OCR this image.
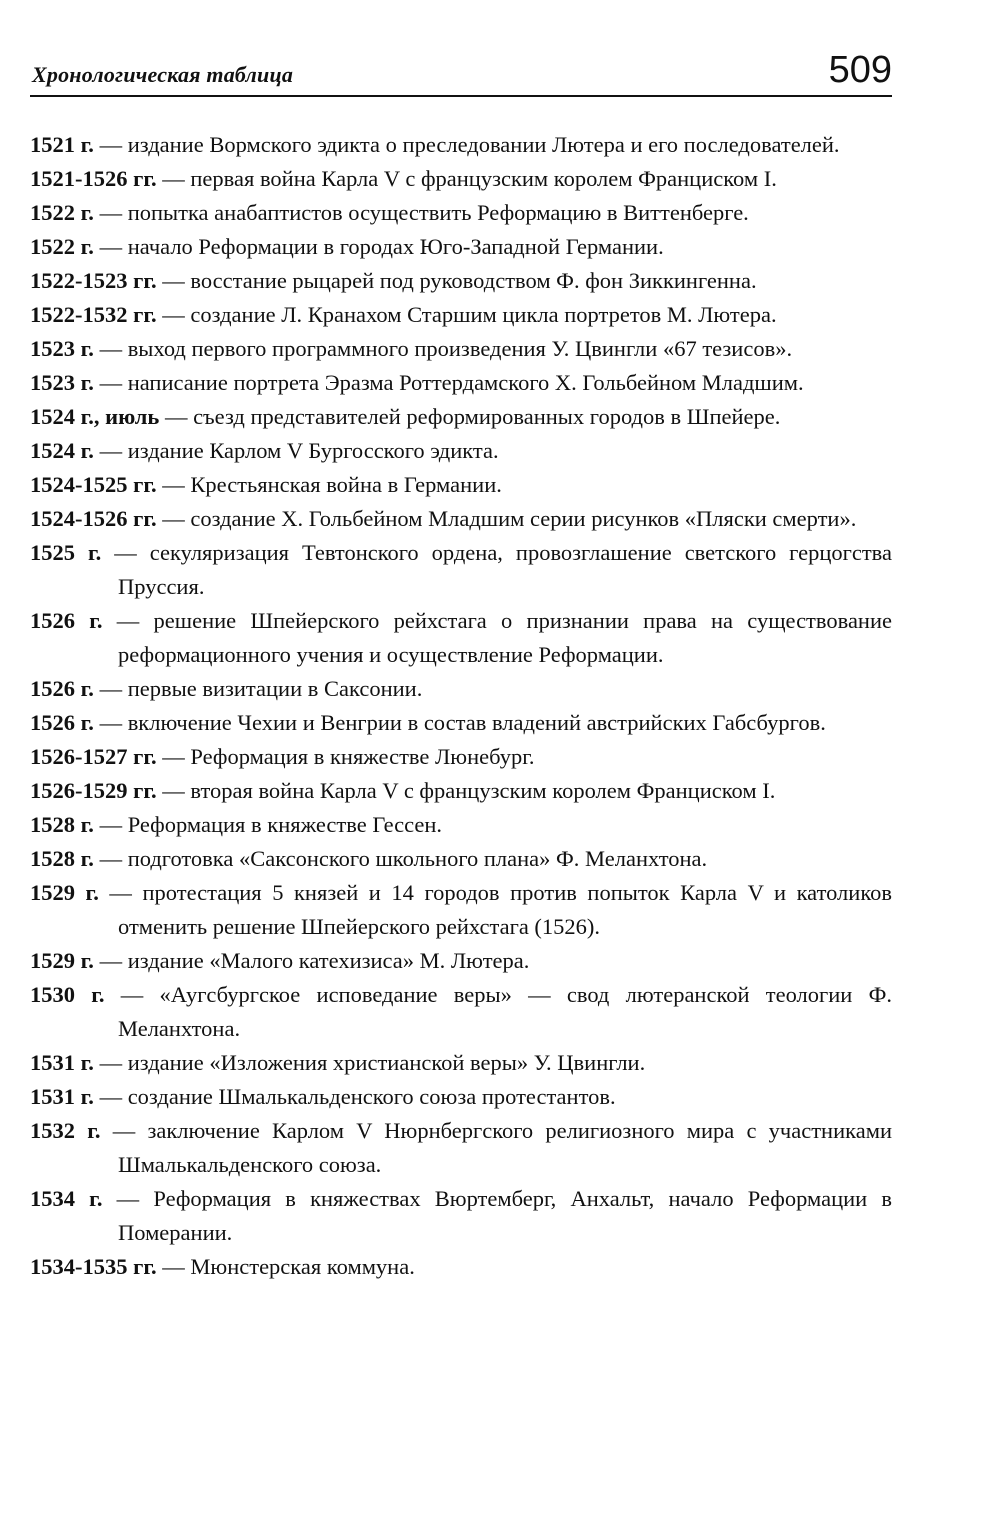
Хронологическая таблица	509
1521 г. — издание Вормского эдикта о преследовании Лютера и его последователей.
1521-1526 гг. — первая война Карла V с французским королем Франциском I.
1522 г. — попытка анабаптистов осуществить Реформацию в Виттенберге.
1522 г. — начало Реформации в городах Юго-Западной Германии.
1522-1523 гг. — восстание рыцарей под руководством Ф. фон Зиккингенна.
1522-1532 гг. — создание Л. Кранахом Старшим цикла портретов М. Лютера.
1523 г. — выход первого программного произведения У. Цвингли «67 тезисов».
1523 г. — написание портрета Эразма Роттердамского Х. Гольбейном Младшим.
1524 г., июль — съезд представителей реформированных городов в Шпейере.
1524 г. — издание Карлом V Бургосского эдикта.
1524-1525 гг. — Крестьянская война в Германии.
1524-1526 гг. — создание Х. Гольбейном Младшим серии рисунков «Пляски смерти».
1525 г. — секуляризация Тевтонского ордена, провозглашение светского герцогства Пруссия.
1526 г. — решение Шпейерского рейхстага о признании права на существование реформационного учения и осуществление Реформации.
1526 г. — первые визитации в Саксонии.
1526 г. — включение Чехии и Венгрии в состав владений австрийских Габсбургов.
1526-1527 гг. — Реформация в княжестве Люнебург.
1526-1529 гг. — вторая война Карла V с французским королем Франциском I.
1528 г. — Реформация в княжестве Гессен.
1528 г. — подготовка «Саксонского школьного плана» Ф. Меланхтона.
1529 г. — протестация 5 князей и 14 городов против попыток Карла V и католиков отменить решение Шпейерского рейхстага (1526).
1529 г. — издание «Малого катехизиса» М. Лютера.
1530 г. — «Аугсбургское исповедание веры» — свод лютеранской теологии Ф. Меланхтона.
1531 г. — издание «Изложения христианской веры» У. Цвингли.
1531 г. — создание Шмалькальденского союза протестантов.
1532 г. — заключение Карлом V Нюрнбергского религиозного мира с участниками Шмалькальденского союза.
1534 г. — Реформация в княжествах Вюртемберг, Анхальт, начало Реформации в Померании.
1534-1535 гг. — Мюнстерская коммуна.
